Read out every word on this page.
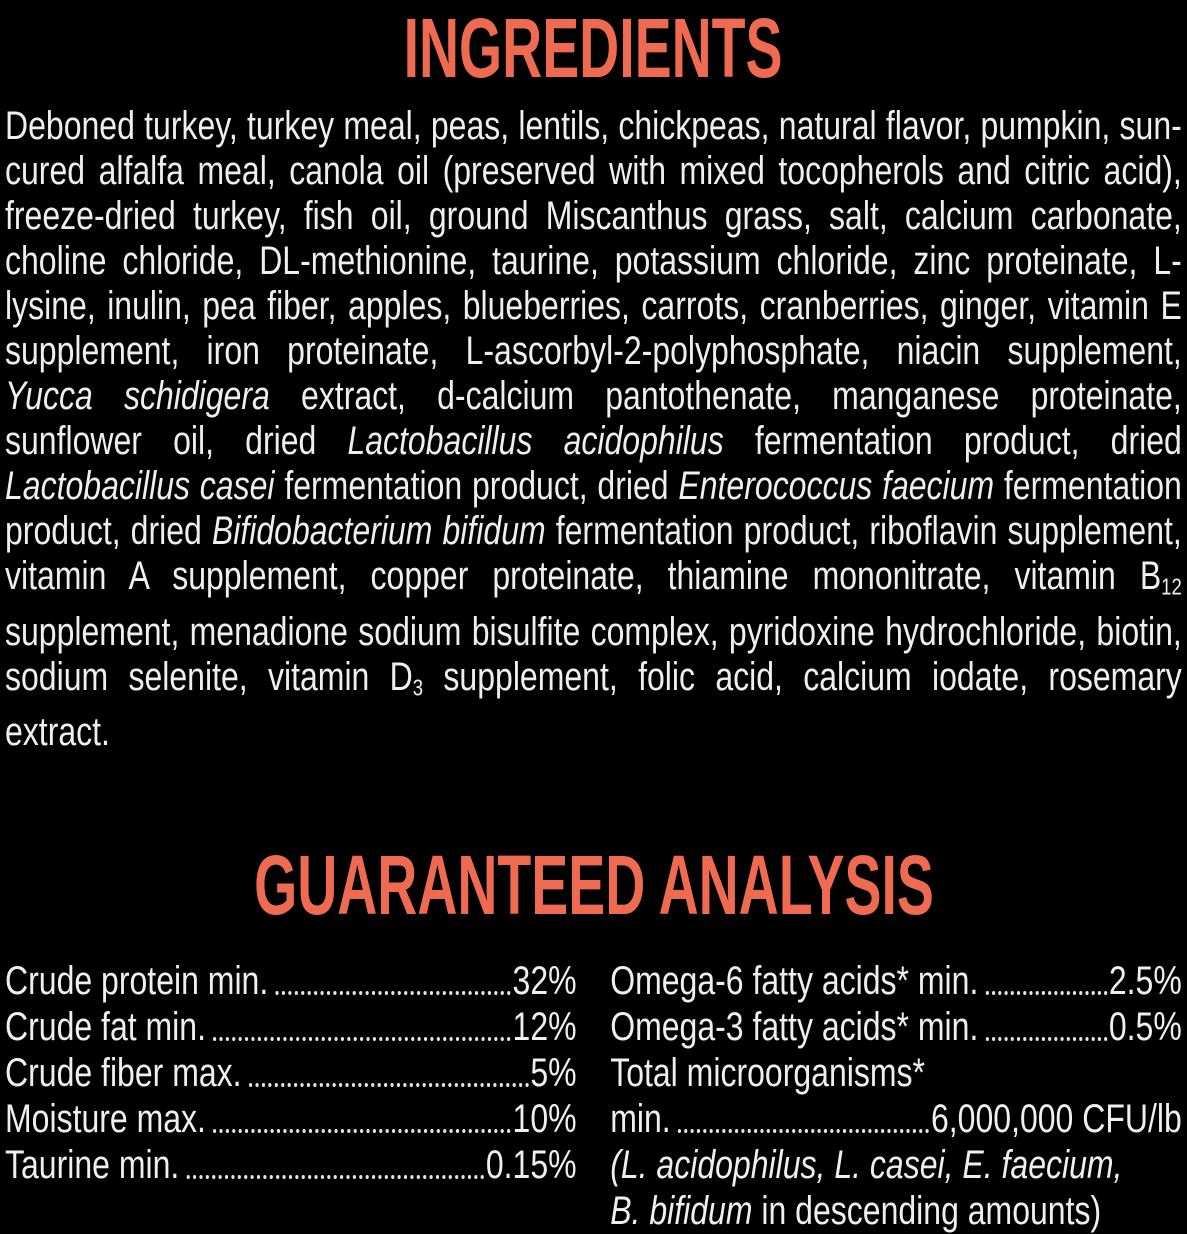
INGREDIENTS
Deboned turkey, turkey meal, peas, lentils, chickpeas, natural flavor, pumpkin, sun-cured alfalfa meal, canola oil (preserved with mixed tocopherols and citric acid), freeze-dried turkey, fish oil, ground Miscanthus grass, salt, calcium carbonate, choline chloride, DL-methionine, taurine, potassium chloride, zinc proteinate, L-lysine, inulin, pea fiber, apples, blueberries, carrots, cranberries, ginger, vitamin E supplement, iron proteinate, L-ascorbyl-2-polyphosphate, niacin supplement, Yucca schidigera extract, d-calcium pantothenate, manganese proteinate, sunflower oil, dried Lactobacillus acidophilus fermentation product, dried Lactobacillus casei fermentation product, dried Enterococcus faecium fermentation product, dried Bifidobacterium bifidum fermentation product, riboflavin supplement, vitamin A supplement, copper proteinate, thiamine mononitrate, vitamin $B_{12}$ supplement, menadione sodium bisulfite complex, pyridoxine hydrochloride, biotin, sodium selenite, vitamin $D_3$ supplement, folic acid, calcium iodate, rosemary extract.
GUARANTEED ANALYSIS
Crude protein min.	32%
Crude fat min.	12%
Crude fiber max.	5%
Moisture max.	10%
Taurine min.	0.15%
Omega-6 fatty acids* min.	2.5%
Omega-3 fatty acids* min.	0.5%
Total microorganisms*
min.	6,000,000 CFU/lb
(L. acidophilus, L. casei, E. faecium,
B. bifidum in descending amounts)
